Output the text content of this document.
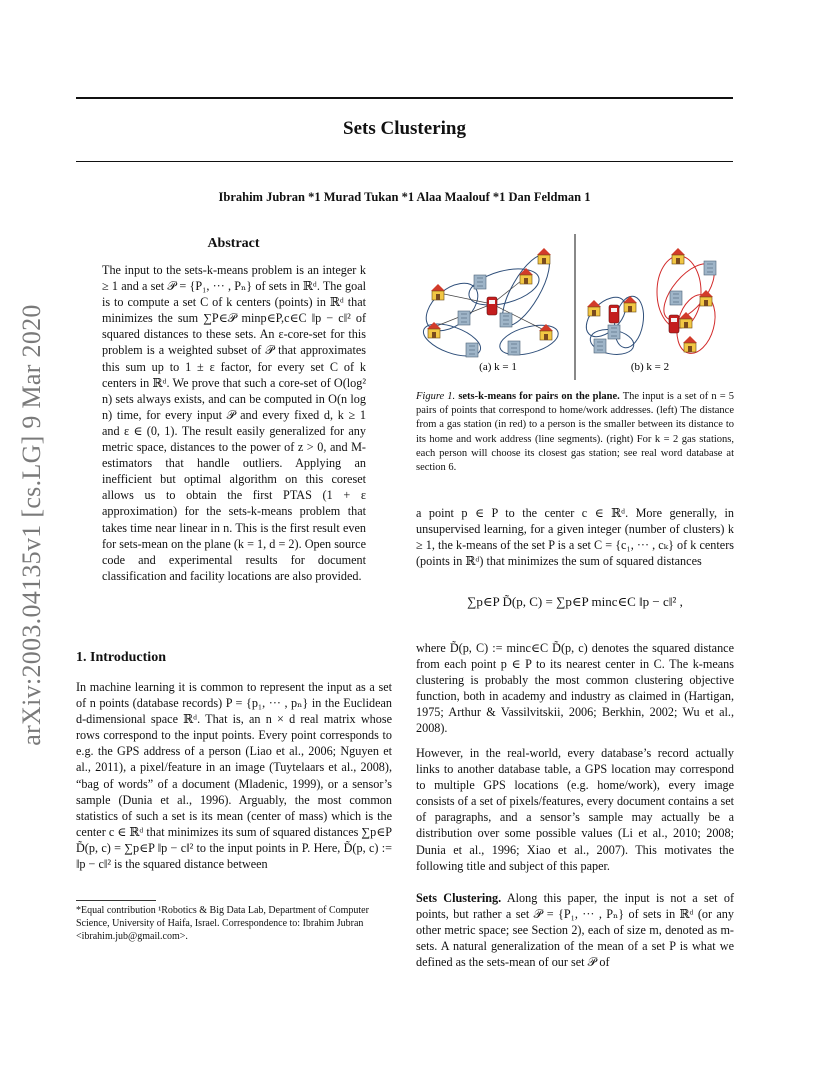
Sets Clustering
Ibrahim Jubran *1 Murad Tukan *1 Alaa Maalouf *1 Dan Feldman 1
arXiv:2003.04135v1 [cs.LG] 9 Mar 2020
Abstract
The input to the sets-k-means problem is an integer k ≥ 1 and a set 𝒫 = {P₁, ··· , Pₙ} of sets in ℝᵈ. The goal is to compute a set C of k centers (points) in ℝᵈ that minimizes the sum ∑P∈𝒫 minp∈P,c∈C ‖p − c‖² of squared distances to these sets. An ε-core-set for this problem is a weighted subset of 𝒫 that approximates this sum up to 1 ± ε factor, for every set C of k centers in ℝᵈ. We prove that such a core-set of O(log² n) sets always exists, and can be computed in O(n log n) time, for every input 𝒫 and every fixed d, k ≥ 1 and ε ∈ (0, 1). The result easily generalized for any metric space, distances to the power of z > 0, and M-estimators that handle outliers. Applying an inefficient but optimal algorithm on this coreset allows us to obtain the first PTAS (1 + ε approximation) for the sets-k-means problem that takes time near linear in n. This is the first result even for sets-mean on the plane (k = 1, d = 2). Open source code and experimental results for document classification and facility locations are also provided.
1. Introduction
In machine learning it is common to represent the input as a set of n points (database records) P = {p₁, ··· , pₙ} in the Euclidean d-dimensional space ℝᵈ. That is, an n × d real matrix whose rows correspond to the input points. Every point corresponds to e.g. the GPS address of a person (Liao et al., 2006; Nguyen et al., 2011), a pixel/feature in an image (Tuytelaars et al., 2008), “bag of words” of a document (Mladenic, 1999), or a sensor’s sample (Dunia et al., 1996). Arguably, the most common statistics of such a set is its mean (center of mass) which is the center c ∈ ℝᵈ that minimizes its sum of squared distances ∑p∈P D̃(p, c) = ∑p∈P ‖p − c‖² to the input points in P. Here, D̃(p, c) := ‖p − c‖² is the squared distance between
*Equal contribution ¹Robotics & Big Data Lab, Department of Computer Science, University of Haifa, Israel. Correspondence to: Ibrahim Jubran <ibrahim.jub@gmail.com>.
(a) k = 1	(b) k = 2
Figure 1. sets-k-means for pairs on the plane. The input is a set of n = 5 pairs of points that correspond to home/work addresses. (left) The distance from a gas station (in red) to a person is the smaller between its distance to its home and work address (line segments). (right) For k = 2 gas stations, each person will choose its closest gas station; see real word database at section 6.
a point p ∈ P to the center c ∈ ℝᵈ. More generally, in unsupervised learning, for a given integer (number of clusters) k ≥ 1, the k-means of the set P is a set C = {c₁, ··· , cₖ} of k centers (points in ℝᵈ) that minimizes the sum of squared distances
∑p∈P D̃(p, C) = ∑p∈P minc∈C ‖p − c‖² ,
where D̃(p, C) := minc∈C D̃(p, c) denotes the squared distance from each point p ∈ P to its nearest center in C. The k-means clustering is probably the most common clustering objective function, both in academy and industry as claimed in (Hartigan, 1975; Arthur & Vassilvitskii, 2006; Berkhin, 2002; Wu et al., 2008).
However, in the real-world, every database’s record actually links to another database table, a GPS location may correspond to multiple GPS locations (e.g. home/work), every image consists of a set of pixels/features, every document contains a set of paragraphs, and a sensor’s sample may actually be a distribution over some possible values (Li et al., 2010; 2008; Dunia et al., 1996; Xiao et al., 2007). This motivates the following title and subject of this paper.
Sets Clustering. Along this paper, the input is not a set of points, but rather a set 𝒫 = {P₁, ··· , Pₙ} of sets in ℝᵈ (or any other metric space; see Section 2), each of size m, denoted as m-sets. A natural generalization of the mean of a set P is what we defined as the sets-mean of our set 𝒫 of
